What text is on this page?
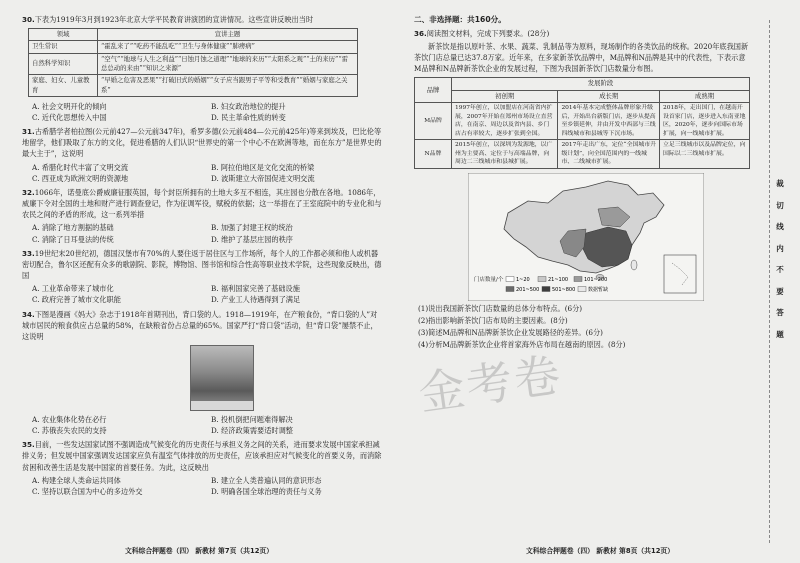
30.下表为1919年3月到1923年北京大学平民教育讲演团的宣讲情况。这些宣讲反映出当时
领域	宣讲主题
卫生常识	“霍乱来了”“吃药不能乱吃”“卫生与身体健康”“肺痨病”
自然科学知识	“空气”“地球与人生之利益”“日蚀月蚀之道理”“地球的来历”“太阳系之观”“土的来历”“雷总总动的来由”“知识之来源”
家庭、妇女、儿童教育	“早婚之危害及恶果”“打破旧式的婚姻”“女子应当跟男子平等和受教育”“婚姻与家庭之关系”
A. 社会文明开化的倾向	B. 妇女政治地位的提升
C. 近代化思想传入中国	D. 民主革命性质的转变
31.古希腊学者柏拉图(公元前427—公元前347年)，希罗多德(公元前484—公元前425年)等来到埃及，巴比伦等地留学，他们吸取了东方的文化，促进希腊的人们认识“世界史的第一个中心不在欧洲等地，而在东方”是世界史的最大主于”，这说明
A. 希腊化时代丰富了文明交流	B. 阿拉伯地区是文化交流的桥梁
C. 西亚成为欧洲文明的资源地	D. 波斯建立大帝国促进文明交流
32.1066年，诺曼底公爵威廉征服英国，每个封臣所拥有的土地大多互不相连，其庄园也分散在各地。1086年，威廉下令对全国的土地和财产进行调查登记，作为征调军役，赋税的依据；这一举措在了王室庭院中的专业化和与农民之间的矛盾的形成，这一系列举措
A. 消除了地方割据的基础	B. 加强了封建王权的统治
C. 消除了日耳曼法的传统	D. 维护了基层庄园的秩序
33.19世纪末20世纪初，德国汉堡市有70%的人要住返于居住区与工作场所，每个人的工作都必须和他人或机器密切配合，鲁尔区还配有众多的歌剧院、影院，博物馆、图书馆和综合性高等职业技术学院，这些现象反映出，德国
A. 工业革命带来了城市化	B. 福利国家完善了基础设施
C. 政府完善了城市文化职能	D. 产业工人待遇得到了满足
34.下图是漫画《妈大》杂志于1918年首期刊出，背口袋的人。1918—1919年，在产粮食份，“背口袋的人”对城市居民的粮食供应占总量的58%，在缺粮省份占总量的65%。国家严打“背口袋”活动，但“背口袋”屡禁不止，这说明
A. 农业集体化势在必行	B. 投机倒把问题难得解决
C. 苏俄丧失农民的支持	D. 经济政策需要适时调整
35.目前，一些发达国家试图不强调造成气候变化的历史责任与承担义务之间的关系，进而要求发展中国家承担减排义务；但发展中国家强调发达国家应负有温室气体排放的历史责任，应该承担应对气候变化的首要义务，而消除贫困和改善生活是发展中国家的首要任务。为此，这反映出
A. 构建全球人类命运共同体	B. 建立全人类普遍认同的意识形态
C. 坚持以联合国为中心的多边外交	D. 明确各国全球治理的责任与义务
文科综合押题卷（四） 新教材 第7页（共12页）
二、非选择题：共160分。
36.阅读图文材料，完成下列要求。(28分)
新茶饮是指以原叶茶、水果、蔬菜、乳制品等为原料，现场制作的各类饮品的统称。2020年底我国新茶饮门店总量已达37.8万家。近年来，在多家新茶饮品牌中，M品牌和N品牌是其中的代表性，下表示意M品牌和N品牌新茶饮企业的发展过程，下图为我国新茶饮门店数量分布图。
品牌	发展阶段		
	初创期	成长期	成熟期
M品牌	1997年创立，以加盟店在河南省内扩展，2007年开始在郑州市场设立直营店，在南京、周边以及省内县、乡门店占有率较大，逐步扩张到全国。	2014年基本完成整体品牌形象升级后，开始出台新版门店，逐步从提高至乡镇延伸，并由开发中西部与三线四线城市和县城等下沉市场。	2018年，走出国门，在越南开设首家门店，逐步进入东南亚地区，2020年，逐步向国际市场扩展，向一线城市扩展。
N品牌	2015年创立，以深圳为发源地，以广州为主要高、定位于与高端品牌，向周边二三线城市和县城扩展。	2017年走出广东，定位“全国城市升级计划”，向全国范围内的一线城市、二线城市扩展。	立足三线城市以及品牌定位，向国际以二三线城市扩展。
门店数量/个	1~20	21~100	101~200
201~500	501~800	数据暂缺
(1)说出我国新茶饮门店数量的总体分布特点。(6分)
(2)指出影响新茶饮门店布局的主要因素。(8分)
(3)简述M品牌和N品牌新茶饮企业发展路径的差异。(6分)
(4)分析M品牌新茶饮企业将首家海外店布局在越南的原因。(8分)
文科综合押题卷（四） 新教材 第8页（共12页）
裁
切
线
内
不
要
答
题
金考卷
